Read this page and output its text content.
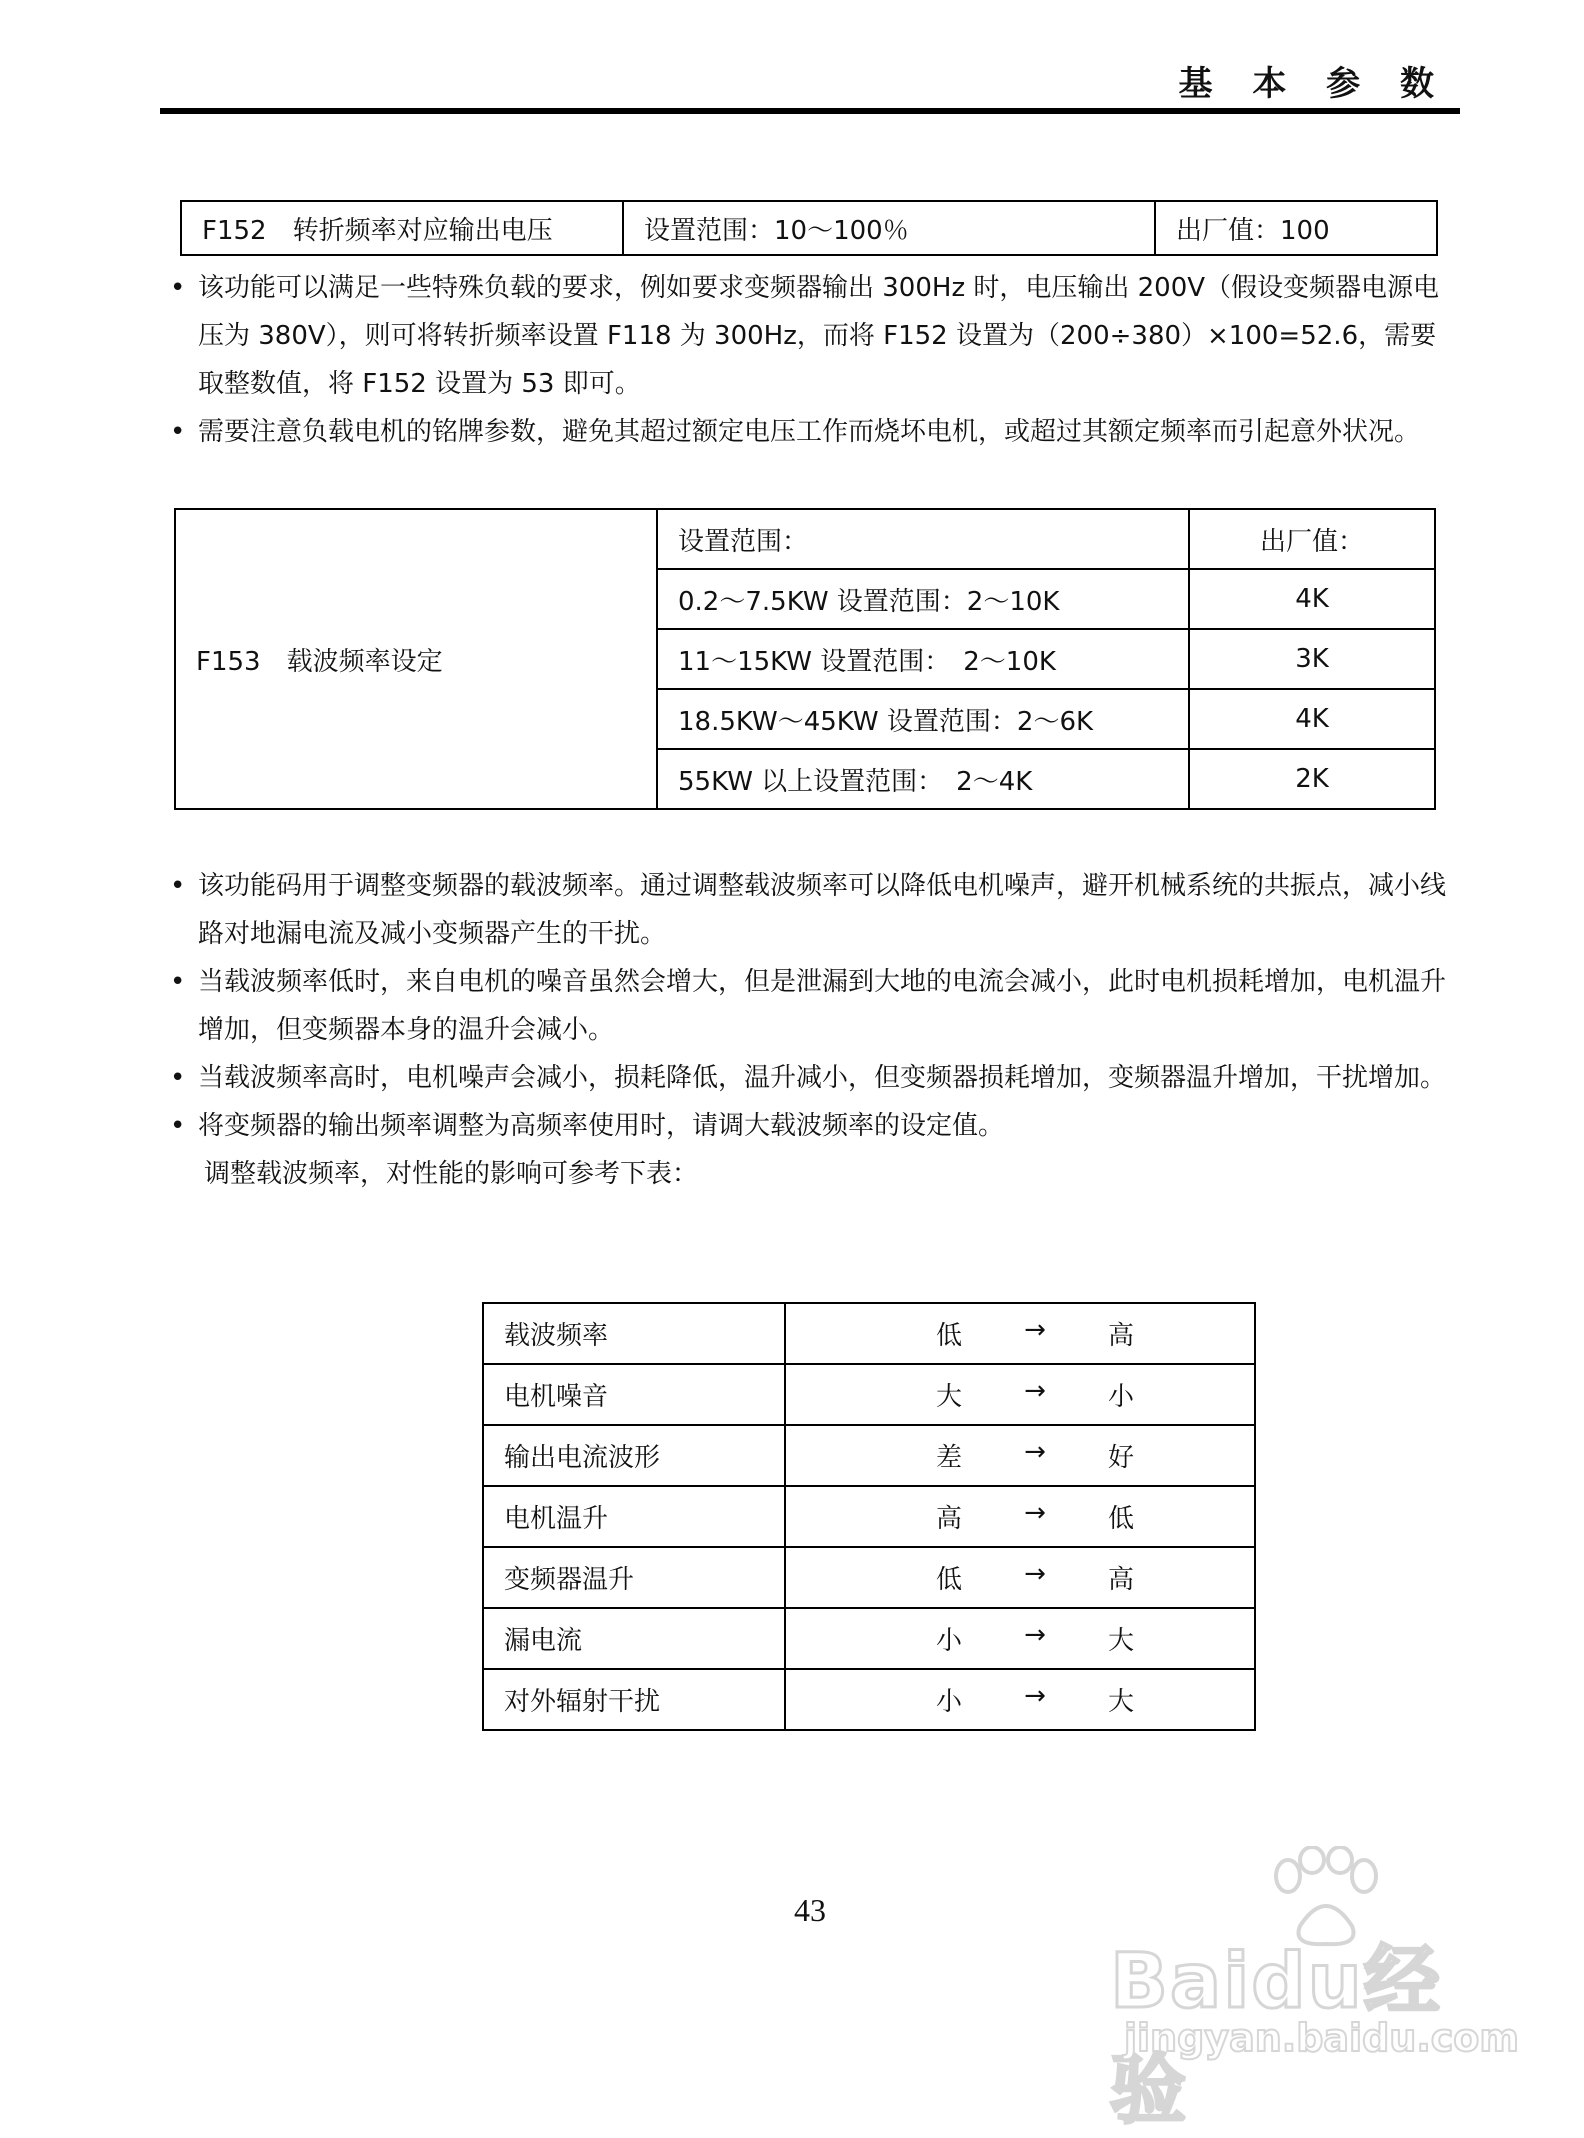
基 本 参 数
F152　转折频率对应输出电压	设置范围：10～100％	出厂值：100

• 该功能可以满足一些特殊负载的要求，例如要求变频器输出 300Hz 时，电压输出 200V（假设变频器电源电压为 380V），则可将转折频率设置 F118 为 300Hz，而将 F152 设置为（200÷380）×100=52.6，需要取整数值，将 F152 设置为 53 即可。

• 需要注意负载电机的铭牌参数，避免其超过额定电压工作而烧坏电机，或超过其额定频率而引起意外状况。

F153　载波频率设定	设置范围：	出厂值：
	0.2～7.5KW 设置范围：2～10K	4K
	11～15KW 设置范围：　2～10K	3K
	18.5KW～45KW 设置范围：2～6K	4K
	55KW 以上设置范围：　2～4K	2K

• 该功能码用于调整变频器的载波频率。通过调整载波频率可以降低电机噪声，避开机械系统的共振点，减小线路对地漏电流及减小变频器产生的干扰。

• 当载波频率低时，来自电机的噪音虽然会增大，但是泄漏到大地的电流会减小，此时电机损耗增加，电机温升增加，但变频器本身的温升会减小。

• 当载波频率高时，电机噪声会减小，损耗降低，温升减小，但变频器损耗增加，变频器温升增加，干扰增加。

• 将变频器的输出频率调整为高频率使用时，请调大载波频率的设定值。

调整载波频率，对性能的影响可参考下表：

载波频率	低 → 高

电机噪音	大 → 小

输出电流波形	差 → 好

电机温升	高 → 低

变频器温升	低 → 高

漏电流	小 → 大

对外辐射干扰	小 → 大
43
Baidu经验
jingyan.baidu.com
